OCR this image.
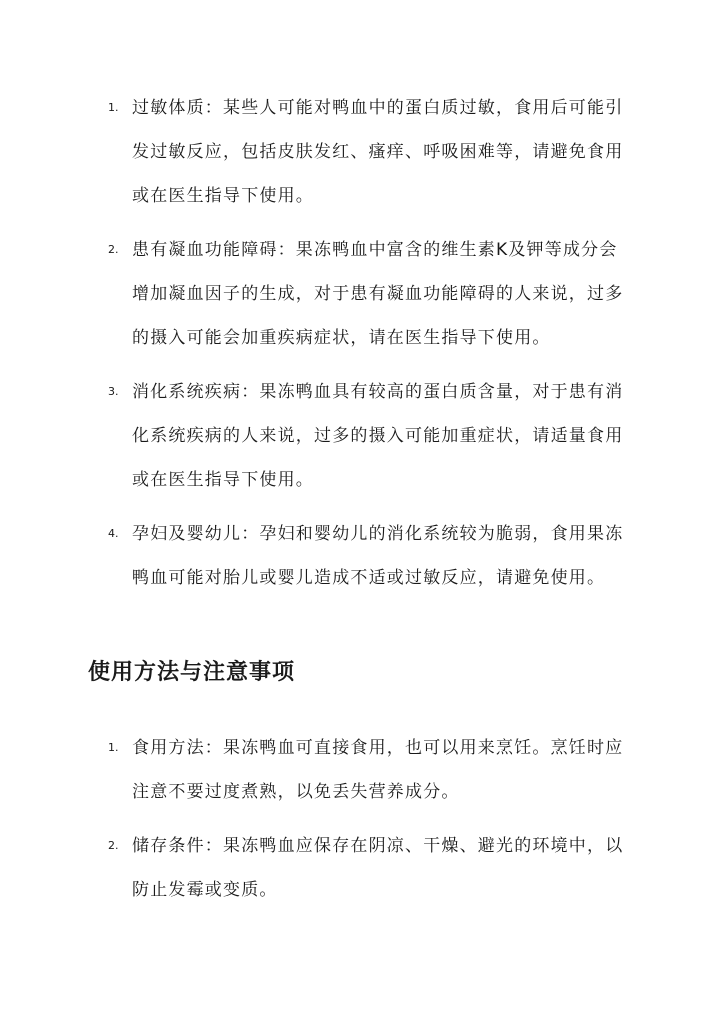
1. 过敏体质：某些人可能对鸭血中的蛋白质过敏，食用后可能引发过敏反应，包括皮肤发红、瘙痒、呼吸困难等，请避免食用或在医生指导下使用。
2. 患有凝血功能障碍：果冻鸭血中富含的维生素K及钾等成分会增加凝血因子的生成，对于患有凝血功能障碍的人来说，过多的摄入可能会加重疾病症状，请在医生指导下使用。
3. 消化系统疾病：果冻鸭血具有较高的蛋白质含量，对于患有消化系统疾病的人来说，过多的摄入可能加重症状，请适量食用或在医生指导下使用。
4. 孕妇及婴幼儿：孕妇和婴幼儿的消化系统较为脆弱，食用果冻鸭血可能对胎儿或婴儿造成不适或过敏反应，请避免使用。
使用方法与注意事项
1. 食用方法：果冻鸭血可直接食用，也可以用来烹饪。烹饪时应注意不要过度煮熟，以免丢失营养成分。
2. 储存条件：果冻鸭血应保存在阴凉、干燥、避光的环境中，以防止发霉或变质。
